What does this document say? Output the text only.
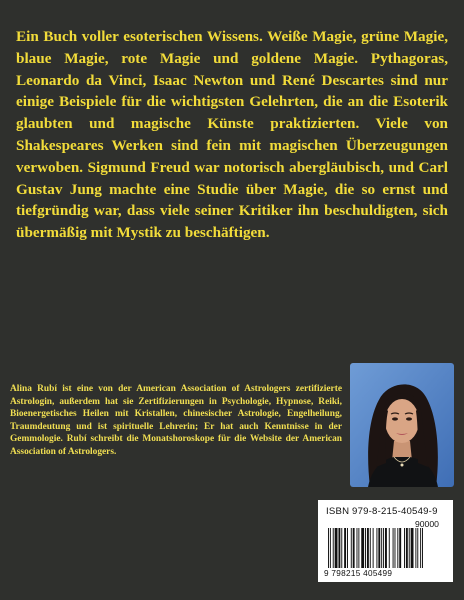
Ein Buch voller esoterischen Wissens. Weiße Magie, grüne Magie, blaue Magie, rote Magie und goldene Magie. Pythagoras, Leonardo da Vinci, Isaac Newton und René Descartes sind nur einige Beispiele für die wichtigsten Gelehrten, die an die Esoterik glaubten und magische Künste praktizierten. Viele von Shakespeares Werken sind fein mit magischen Überzeugungen verwoben. Sigmund Freud war notorisch abergläubisch, und Carl Gustav Jung machte eine Studie über Magie, die so ernst und tiefgründig war, dass viele seiner Kritiker ihn beschuldigten, sich übermäßig mit Mystik zu beschäftigen.

Alina Rubí ist eine von der American Association of Astrologers zertifizierte Astrologin, außerdem hat sie Zertifizierungen in Psychologie, Hypnose, Reiki, Bioenergetisches Heilen mit Kristallen, chinesischer Astrologie, Engelheilung, Traumdeutung und ist spirituelle Lehrerin; Er hat auch Kenntnisse in der Gemmologie. Rubí schreibt die Monatshoroskope für die Website der American Association of Astrologers.

ISBN 979-8-215-40549-9
90000
9 798215 405499
